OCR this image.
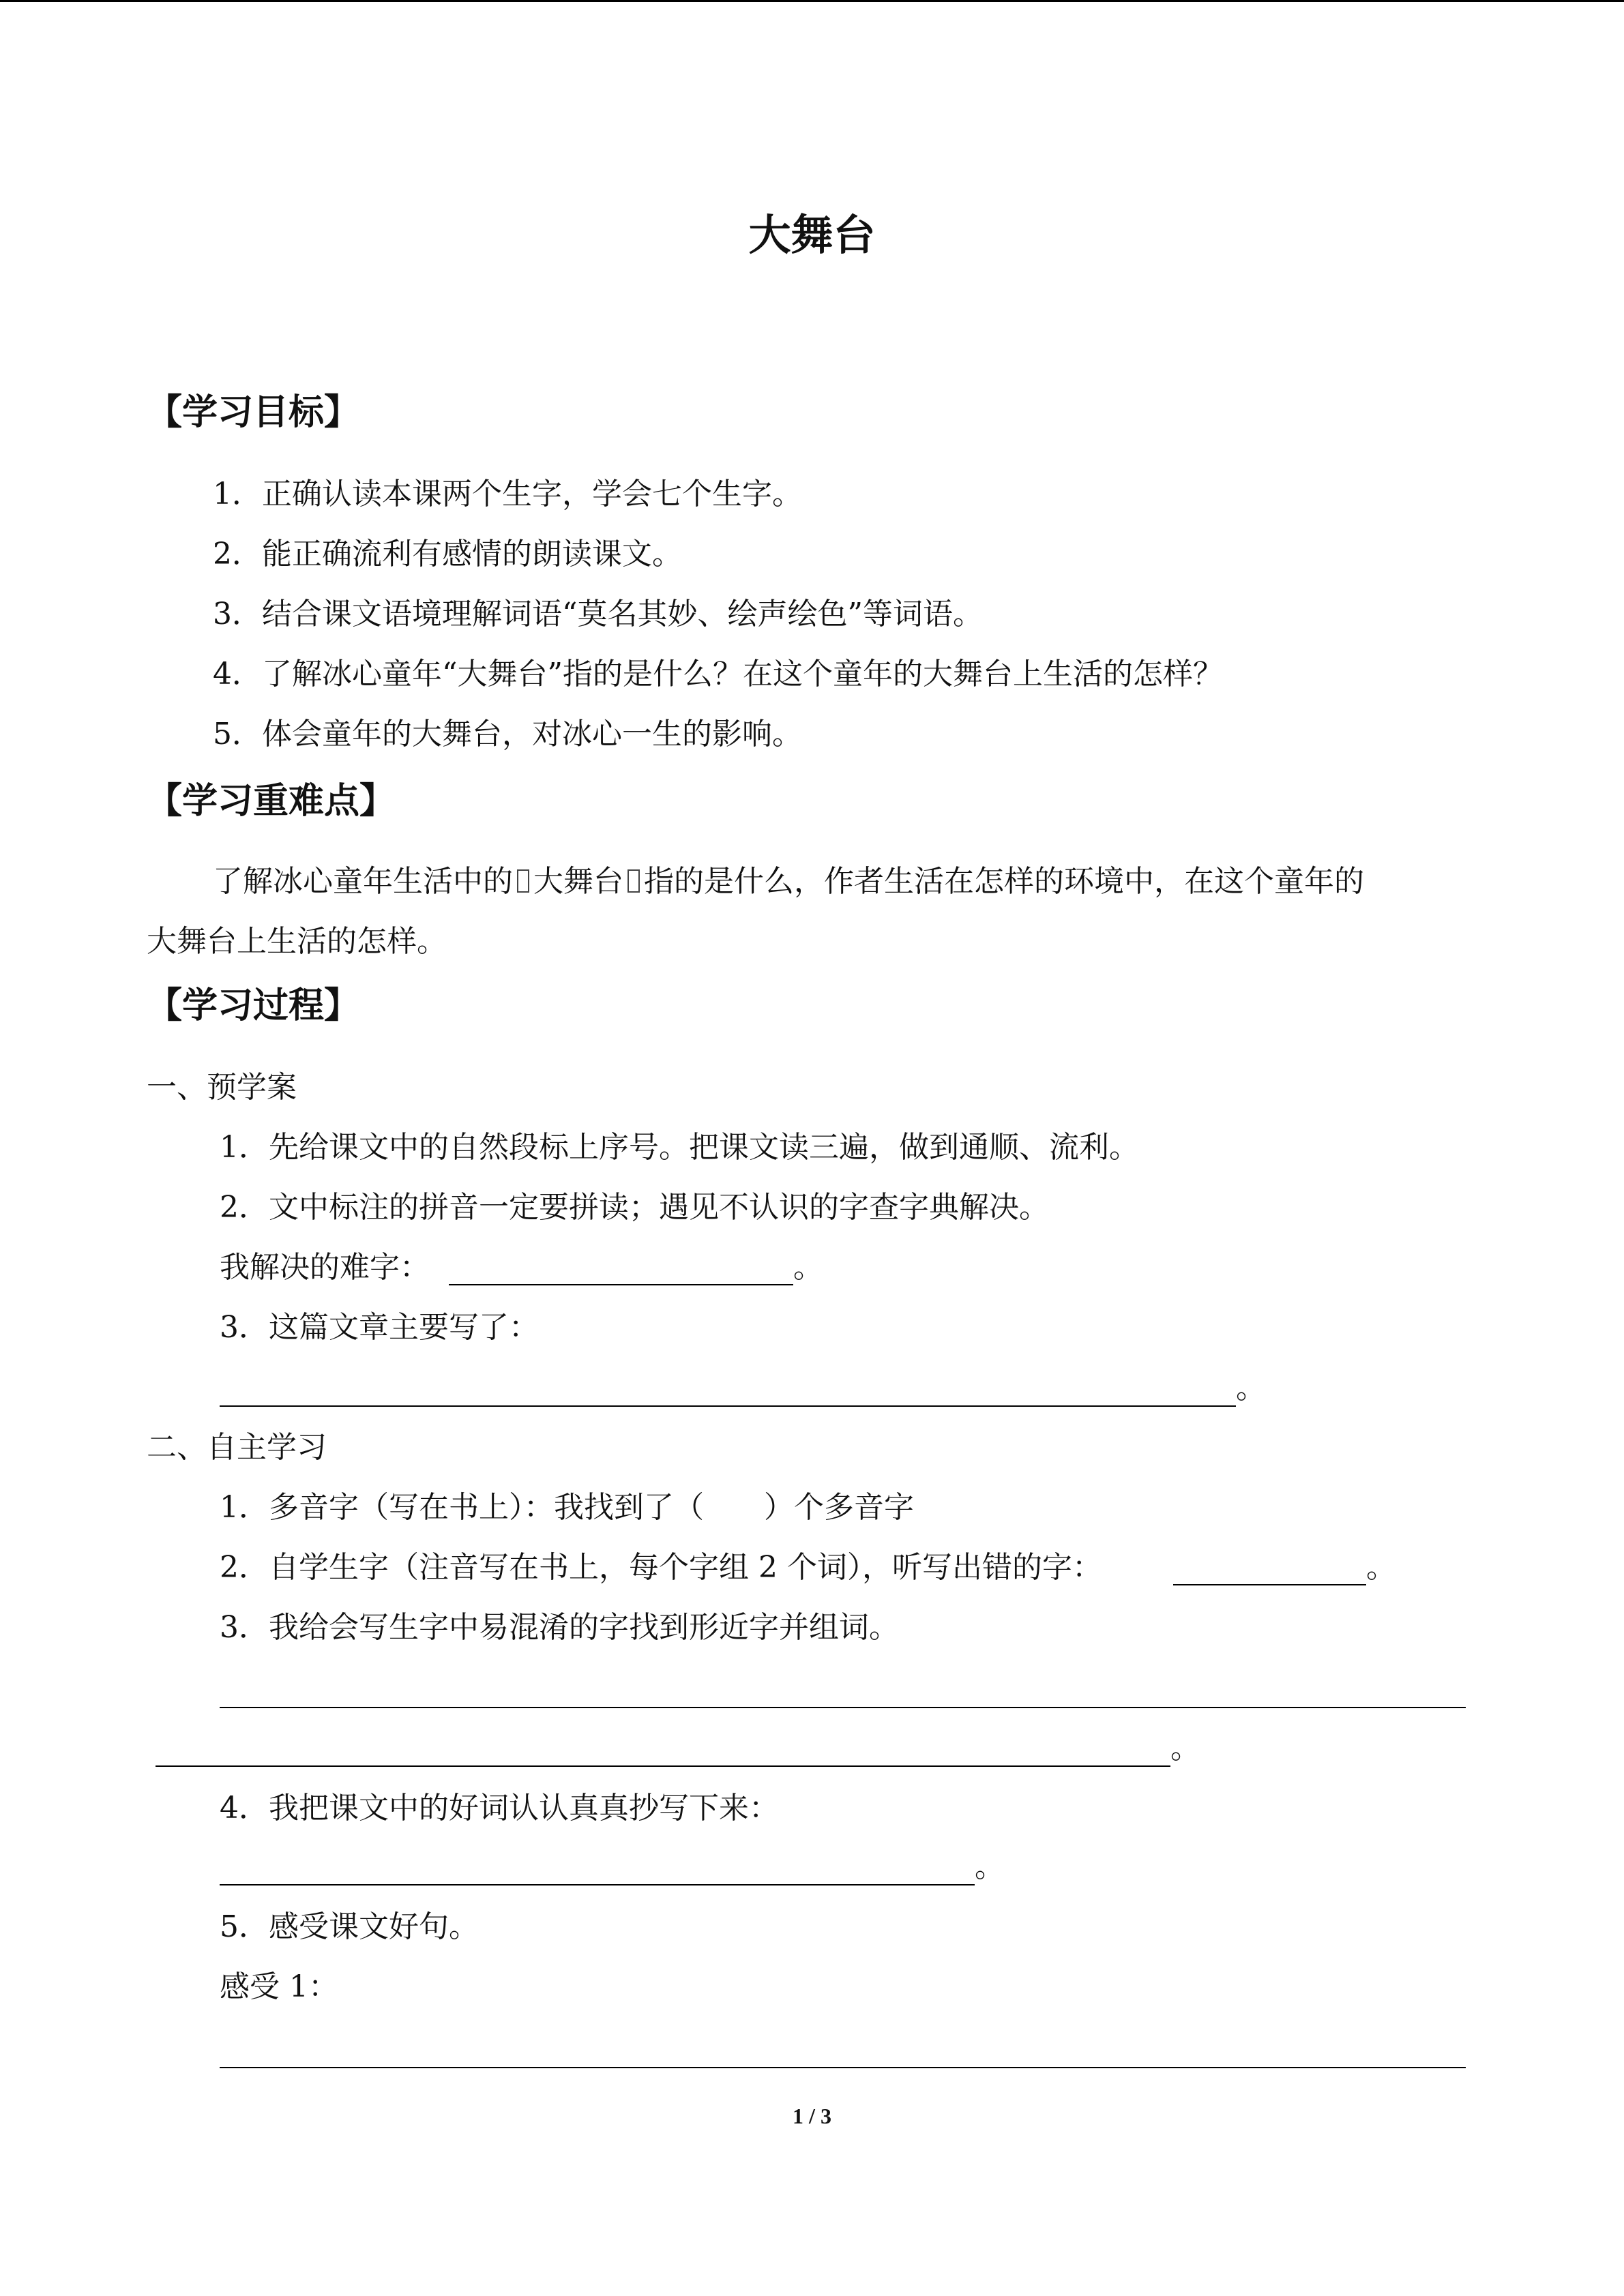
大舞台
【学习目标】
1．正确认读本课两个生字，学会七个生字。
2．能正确流利有感情的朗读课文。
3．结合课文语境理解词语“莫名其妙、绘声绘色”等词语。
4．了解冰心童年“大舞台”指的是什么？在这个童年的大舞台上生活的怎样？
5．体会童年的大舞台，对冰心一生的影响。
【学习重难点】
了解冰心童年生活中的 大舞台 指的是什么，作者生活在怎样的环境中，在这个童年的
大舞台上生活的怎样。
【学习过程】
一、预学案
1．先给课文中的自然段标上序号。把课文读三遍，做到通顺、流利。
2．文中标注的拼音一定要拼读；遇见不认识的字查字典解决。
我解决的难字：	。
3．这篇文章主要写了：
。
二、自主学习
1．多音字（写在书上）：我找到了（　　）个多音字
2．自学生字（注音写在书上，每个字组 2 个词），听写出错的字：	。
3．我给会写生字中易混淆的字找到形近字并组词。
。
4．我把课文中的好词认认真真抄写下来：
。
5．感受课文好句。
感受 1：
1 / 3
